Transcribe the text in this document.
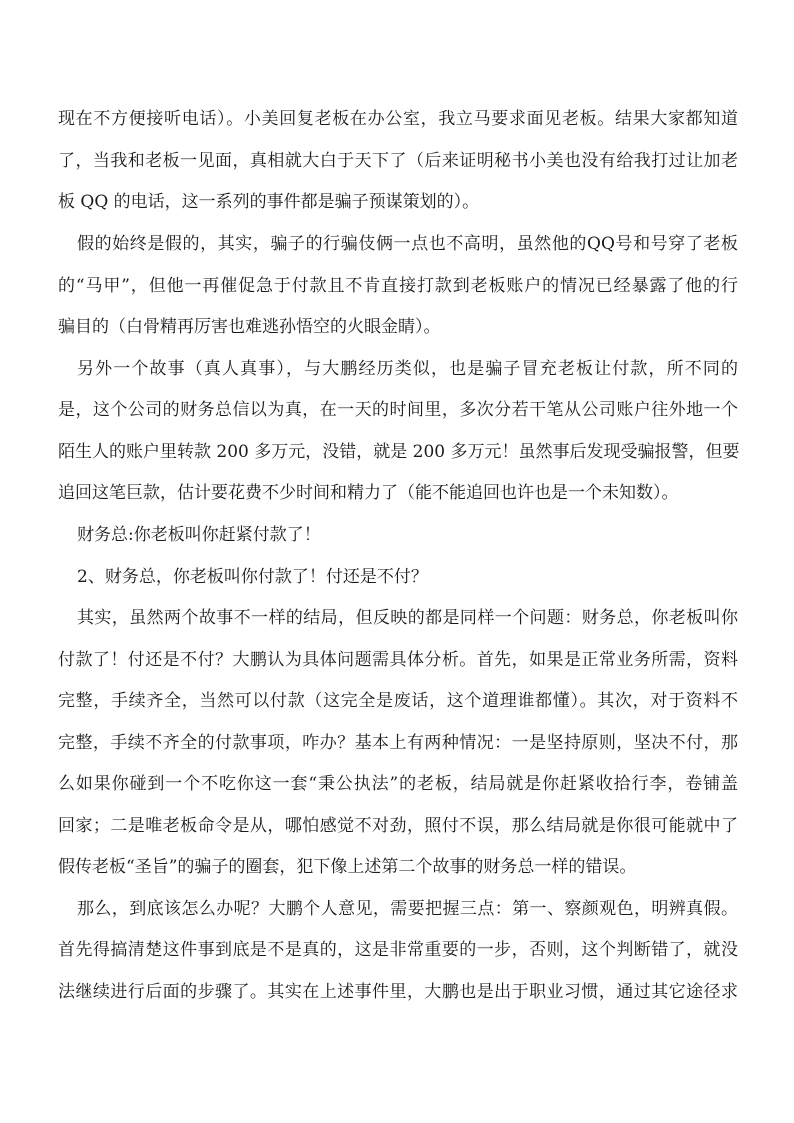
现在不方便接听电话）。小美回复老板在办公室，我立马要求面见老板。结果大家都知道
了，当我和老板一见面，真相就大白于天下了（后来证明秘书小美也没有给我打过让加老
板 QQ 的电话，这一系列的事件都是骗子预谋策划的）。
假的始终是假的，其实，骗子的行骗伎俩一点也不高明，虽然他的QQ号和号穿了老板
的“马甲”，但他一再催促急于付款且不肯直接打款到老板账户的情况已经暴露了他的行
骗目的（白骨精再厉害也难逃孙悟空的火眼金睛）。
另外一个故事（真人真事），与大鹏经历类似，也是骗子冒充老板让付款，所不同的
是，这个公司的财务总信以为真，在一天的时间里，多次分若干笔从公司账户往外地一个
陌生人的账户里转款 200 多万元，没错，就是 200 多万元！虽然事后发现受骗报警，但要
追回这笔巨款，估计要花费不少时间和精力了（能不能追回也许也是一个未知数）。
财务总:你老板叫你赶紧付款了！
2、财务总，你老板叫你付款了！付还是不付？
其实，虽然两个故事不一样的结局，但反映的都是同样一个问题：财务总，你老板叫你
付款了！付还是不付？大鹏认为具体问题需具体分析。首先，如果是正常业务所需，资料
完整，手续齐全，当然可以付款（这完全是废话，这个道理谁都懂）。其次，对于资料不
完整，手续不齐全的付款事项，咋办？基本上有两种情况：一是坚持原则，坚决不付，那
么如果你碰到一个不吃你这一套“秉公执法”的老板，结局就是你赶紧收拾行李，卷铺盖
回家；二是唯老板命令是从，哪怕感觉不对劲，照付不误，那么结局就是你很可能就中了
假传老板“圣旨”的骗子的圈套，犯下像上述第二个故事的财务总一样的错误。
那么，到底该怎么办呢？大鹏个人意见，需要把握三点：第一、察颜观色，明辨真假。
首先得搞清楚这件事到底是不是真的，这是非常重要的一步，否则，这个判断错了，就没
法继续进行后面的步骤了。其实在上述事件里，大鹏也是出于职业习惯，通过其它途径求
